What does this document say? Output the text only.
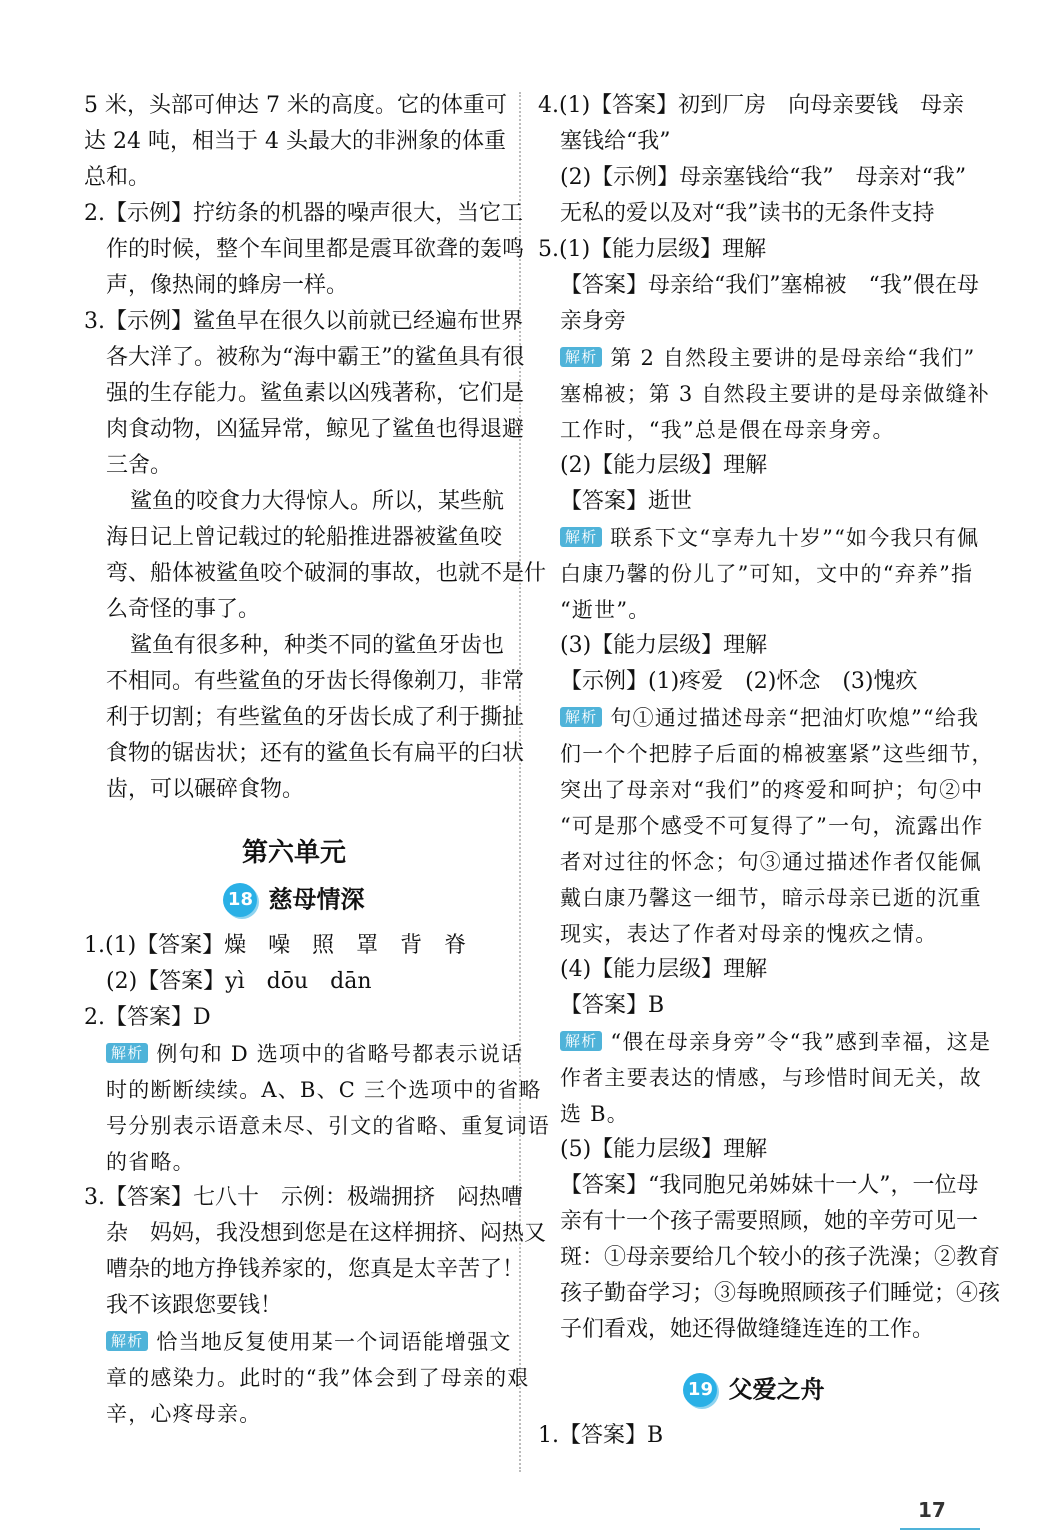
5 米，头部可伸达 7 米的高度。它的体重可
达 24 吨，相当于 4 头最大的非洲象的体重
总和。
2.【示例】拧纺条的机器的噪声很大，当它工
作的时候，整个车间里都是震耳欲聋的轰鸣
声，像热闹的蜂房一样。
3.【示例】鲨鱼早在很久以前就已经遍布世界
各大洋了。被称为“海中霸王”的鲨鱼具有很
强的生存能力。鲨鱼素以凶残著称，它们是
肉食动物，凶猛异常，鲸见了鲨鱼也得退避
三舍。
鲨鱼的咬食力大得惊人。所以，某些航
海日记上曾记载过的轮船推进器被鲨鱼咬
弯、船体被鲨鱼咬个破洞的事故，也就不是什
么奇怪的事了。
鲨鱼有很多种，种类不同的鲨鱼牙齿也
不相同。有些鲨鱼的牙齿长得像剃刀，非常
利于切割；有些鲨鱼的牙齿长成了利于撕扯
食物的锯齿状；还有的鲨鱼长有扁平的臼状
齿，可以碾碎食物。
第六单元
18 慈母情深
1.(1)【答案】燥　噪　照　罩　背　脊
(2)【答案】yì　dōu　dān
2.【答案】D
解析 例句和 D 选项中的省略号都表示说话
时的断断续续。A、B、C 三个选项中的省略
号分别表示语意未尽、引文的省略、重复词语
的省略。
3.【答案】七八十　示例：极端拥挤　闷热嘈
杂　妈妈，我没想到您是在这样拥挤、闷热又
嘈杂的地方挣钱养家的，您真是太辛苦了！
我不该跟您要钱！
解析 恰当地反复使用某一个词语能增强文
章的感染力。此时的“我”体会到了母亲的艰
辛，心疼母亲。
4.(1)【答案】初到厂房　向母亲要钱　母亲
塞钱给“我”
(2)【示例】母亲塞钱给“我”　母亲对“我”
无私的爱以及对“我”读书的无条件支持
5.(1)【能力层级】理解
【答案】母亲给“我们”塞棉被　“我”偎在母
亲身旁
解析 第 2 自然段主要讲的是母亲给“我们”
塞棉被；第 3 自然段主要讲的是母亲做缝补
工作时，“我”总是偎在母亲身旁。
(2)【能力层级】理解
【答案】逝世
解析 联系下文“享寿九十岁”“如今我只有佩
白康乃馨的份儿了”可知，文中的“弃养”指
“逝世”。
(3)【能力层级】理解
【示例】(1)疼爱　(2)怀念　(3)愧疚
解析 句①通过描述母亲“把油灯吹熄”“给我
们一个个把脖子后面的棉被塞紧”这些细节，
突出了母亲对“我们”的疼爱和呵护；句②中
“可是那个感受不可复得了”一句，流露出作
者对过往的怀念；句③通过描述作者仅能佩
戴白康乃馨这一细节，暗示母亲已逝的沉重
现实，表达了作者对母亲的愧疚之情。
(4)【能力层级】理解
【答案】B
解析 “偎在母亲身旁”令“我”感到幸福，这是
作者主要表达的情感，与珍惜时间无关，故
选 B。
(5)【能力层级】理解
【答案】“我同胞兄弟姊妹十一人”，一位母
亲有十一个孩子需要照顾，她的辛劳可见一
斑：①母亲要给几个较小的孩子洗澡；②教育
孩子勤奋学习；③每晚照顾孩子们睡觉；④孩
子们看戏，她还得做缝缝连连的工作。
19 父爱之舟
1.【答案】B
17
